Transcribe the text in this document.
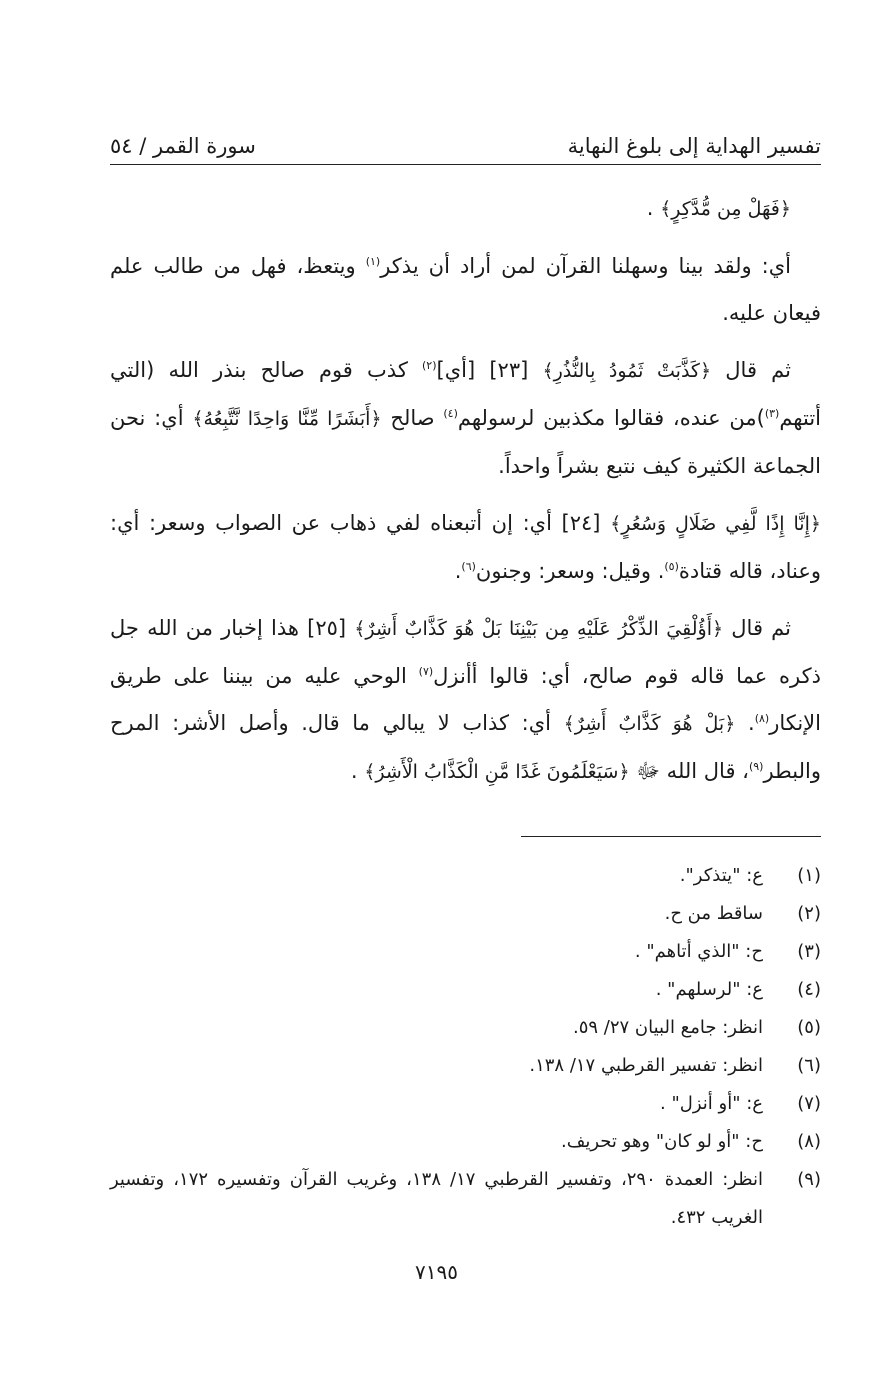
تفسير الهداية إلى بلوغ النهاية
سورة القمر / ٥٤

﴿فَهَلْ مِن مُّدَّكِرٍ﴾ .

أي: ولقد بينا وسهلنا القرآن لمن أراد أن يذكر$^{(١)}$ ويتعظ، فهل من طالب علم فيعان عليه.

ثم قال ﴿كَذَّبَتْ ثَمُودُ بِالنُّذُرِ﴾ [٢٣] [أي]$^{(٢)}$ كذب قوم صالح بنذر الله (التي أتتهم$^{(٣)}$)من عنده، فقالوا مكذبين لرسولهم$^{(٤)}$ صالح ﴿أَبَشَرًا مِّنَّا وَاحِدًا نَّتَّبِعُهُ﴾ أي: نحن الجماعة الكثيرة كيف نتبع بشراً واحداً.

﴿إِنَّا إِذًا لَّفِي ضَلَالٍ وَسُعُرٍ﴾ [٢٤] أي: إن أتبعناه لفي ذهاب عن الصواب وسعر: أي: وعناد، قاله قتادة$^{(٥)}$. وقيل: وسعر: وجنون$^{(٦)}$.

ثم قال ﴿أَؤُلْقِيَ الذِّكْرُ عَلَيْهِ مِن بَيْنِنَا بَلْ هُوَ كَذَّابٌ أَشِرٌ﴾ [٢٥] هذا إخبار من الله جل ذكره عما قاله قوم صالح، أي: قالوا أأنزل$^{(٧)}$ الوحي عليه من بيننا على طريق الإنكار$^{(٨)}$. ﴿بَلْ هُوَ كَذَّابٌ أَشِرٌ﴾ أي: كذاب لا يبالي ما قال. وأصل الأشر: المرح والبطر$^{(٩)}$، قال الله ﷻ ﴿سَيَعْلَمُونَ غَدًا مَّنِ الْكَذَّابُ الْأَشِرُ﴾ .

(١)
ع: "يتذكر".
(٢)
ساقط من ح.
(٣)
ح: "الذي أتاهم" .
(٤)
ع: "لرسلهم" .
(٥)
انظر: جامع البيان ٢٧/ ٥٩.
(٦)
انظر: تفسير القرطبي ١٧/ ١٣٨.
(٧)
ع: "أو أنزل" .
(٨)
ح: "أو لو كان" وهو تحريف.
(٩)
انظر: العمدة ٢٩٠، وتفسير القرطبي ١٧/ ١٣٨، وغريب القرآن وتفسيره ١٧٢، وتفسير الغريب ٤٣٢.
٧١٩٥
